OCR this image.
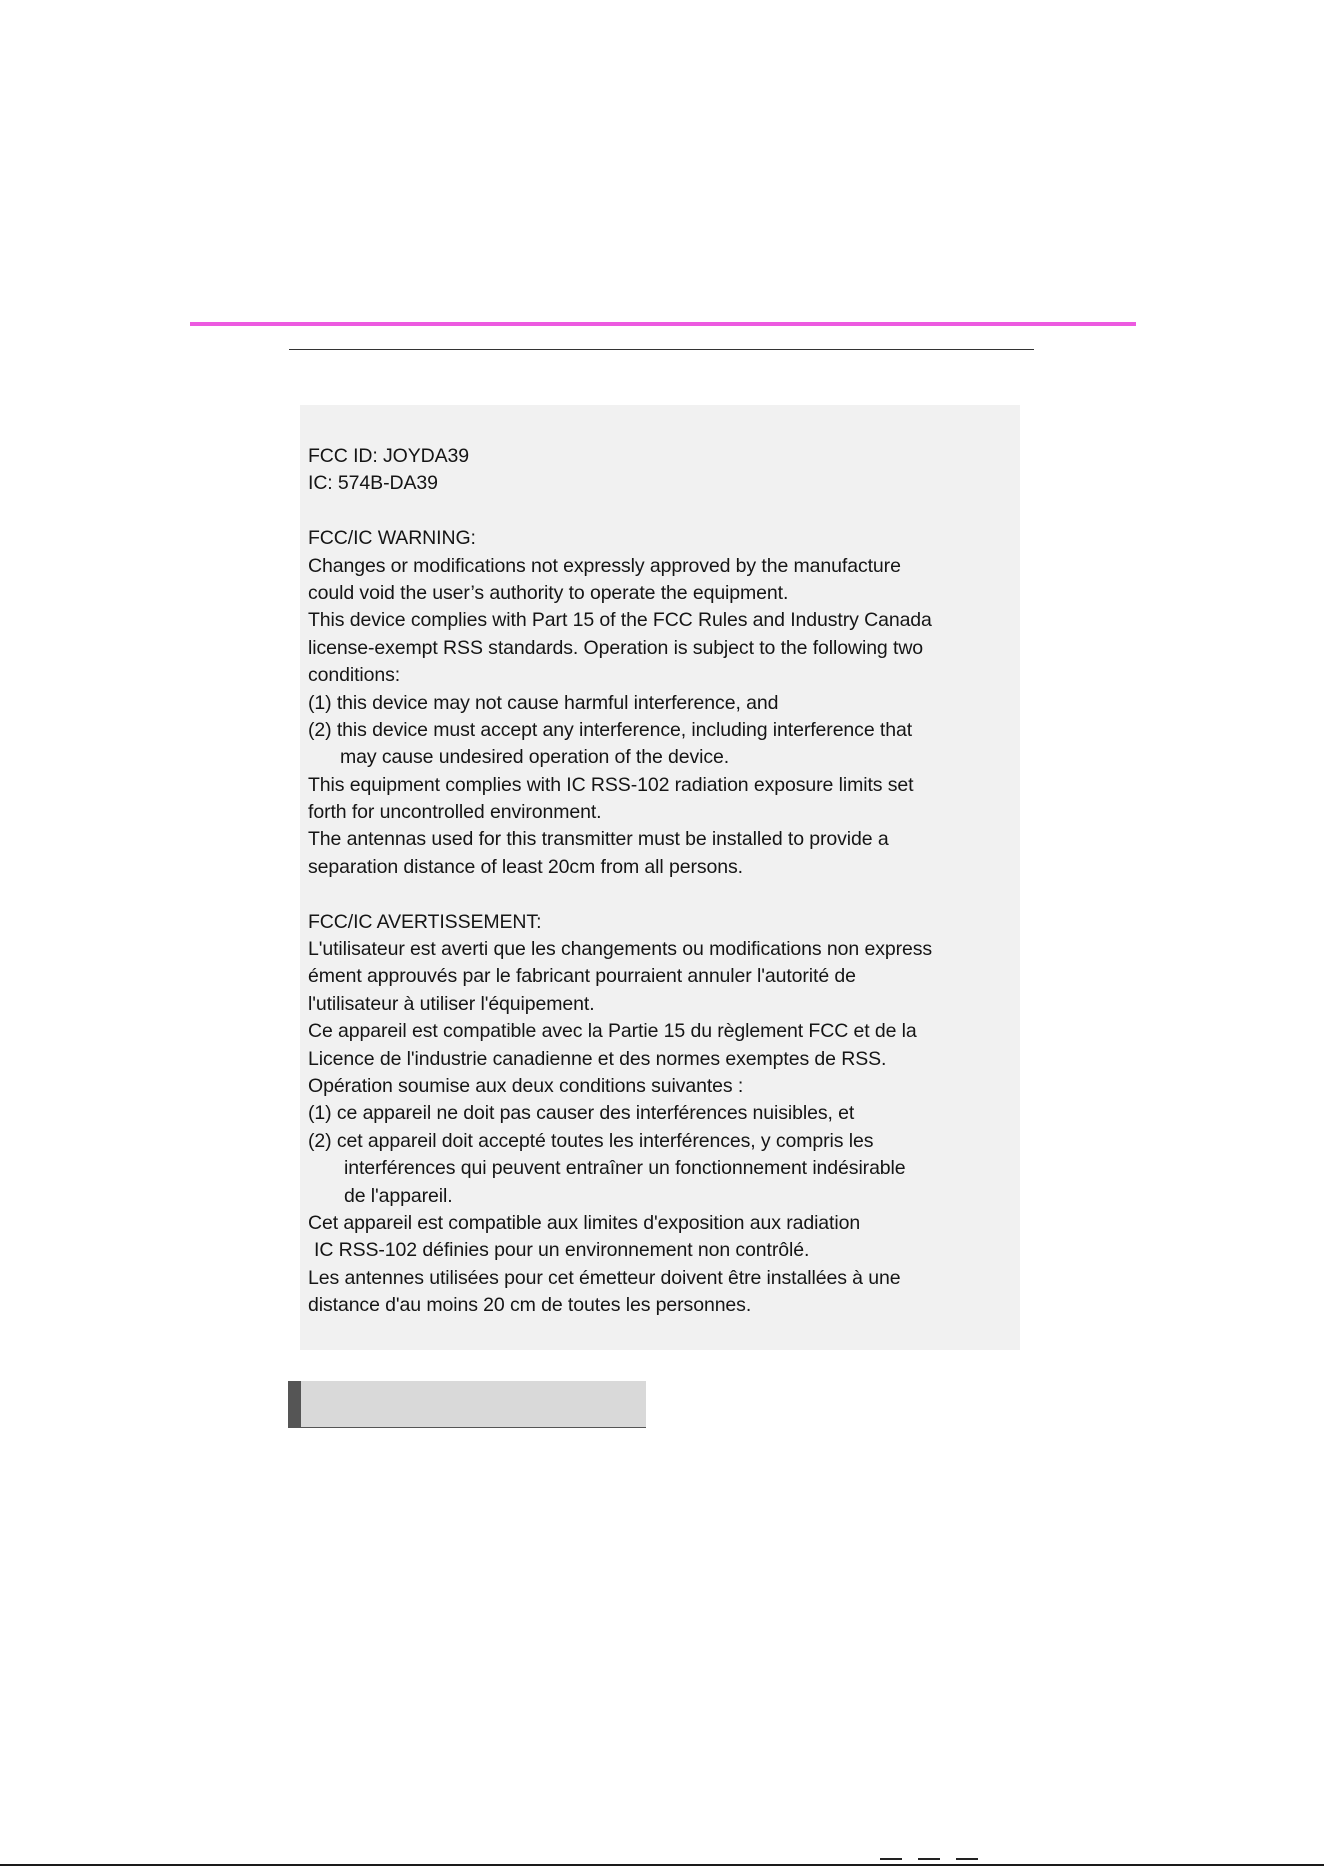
FCC ID: JOYDA39
IC: 574B-DA39
FCC/IC WARNING:
Changes or modifications not expressly approved by the manufacture
could void the user’s authority to operate the equipment.
This device complies with Part 15 of the FCC Rules and Industry Canada
license-exempt RSS standards. Operation is subject to the following two
conditions:
(1) this device may not cause harmful interference, and
(2) this device must accept any interference, including interference that
may cause undesired operation of the device.
This equipment complies with IC RSS-102 radiation exposure limits set
forth for uncontrolled environment.
The antennas used for this transmitter must be installed to provide a
separation distance of least 20cm from all persons.
FCC/IC AVERTISSEMENT:
L'utilisateur est averti que les changements ou modifications non express
ément approuvés par le fabricant pourraient annuler l'autorité de
l'utilisateur à utiliser l'équipement.
Ce appareil est compatible avec la Partie 15 du règlement FCC et de la
Licence de l'industrie canadienne et des normes exemptes de RSS.
Opération soumise aux deux conditions suivantes :
(1) ce appareil ne doit pas causer des interférences nuisibles, et
(2) cet appareil doit accepté toutes les interférences, y compris les
interférences qui peuvent entraîner un fonctionnement indésirable
de l'appareil.
Cet appareil est compatible aux limites d'exposition aux radiation
IC RSS-102 définies pour un environnement non contrôlé.
Les antennes utilisées pour cet émetteur doivent être installées à une
distance d'au moins 20 cm de toutes les personnes.
